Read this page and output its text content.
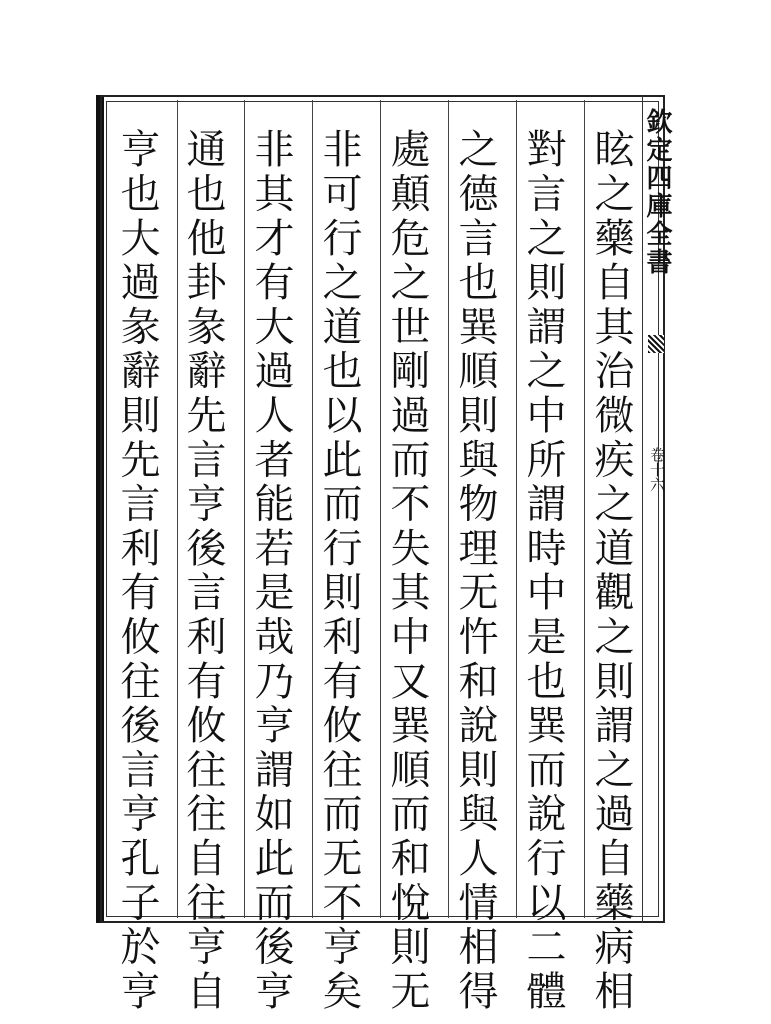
欽定四庫全書
卷十六
眩之藥自其治微疾之道觀之則謂之過自藥病相
對言之則謂之中所謂時中是也巽而說行以二體
之德言也巽順則與物理无忤和說則與人情相得
處顛危之世剛過而不失其中又巽順而和悅則无
非可行之道也以此而行則利有攸往而无不亨矣
非其才有大過人者能若是哉乃亨謂如此而後亨
通也他卦彖辭先言亨後言利有攸往往自往亨自
亨也大過彖辭則先言利有攸往後言亨孔子於亨
